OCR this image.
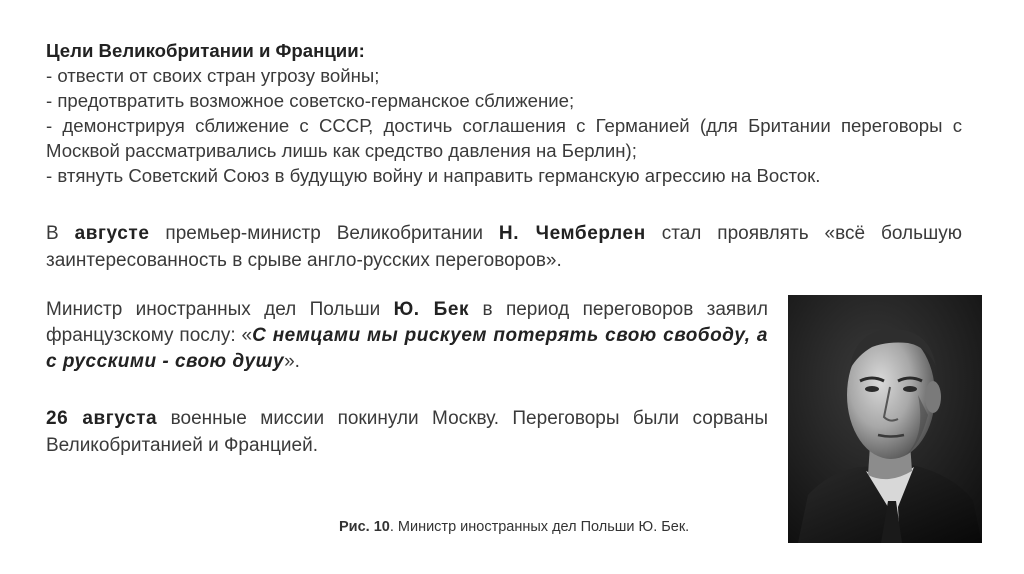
Цели Великобритании и Франции:
- отвести от своих стран угрозу войны;
- предотвратить возможное советско-германское сближение;
- демонстрируя сближение с СССР, достичь соглашения с Германией (для Британии переговоры с Москвой рассматривались лишь как средство давления на Берлин);
- втянуть Советский Союз в будущую войну и направить германскую агрессию на Восток.
В августе премьер-министр Великобритании Н. Чемберлен стал проявлять «всё большую заинтересованность в срыве англо-русских переговоров».
Министр иностранных дел Польши Ю. Бек в период переговоров заявил французскому послу: «С немцами мы рискуем потерять свою свободу, а с русскими - свою душу».
26 августа военные миссии покинули Москву. Переговоры были сорваны Великобританией и Францией.
Рис. 10. Министр иностранных дел Польши Ю. Бек.
